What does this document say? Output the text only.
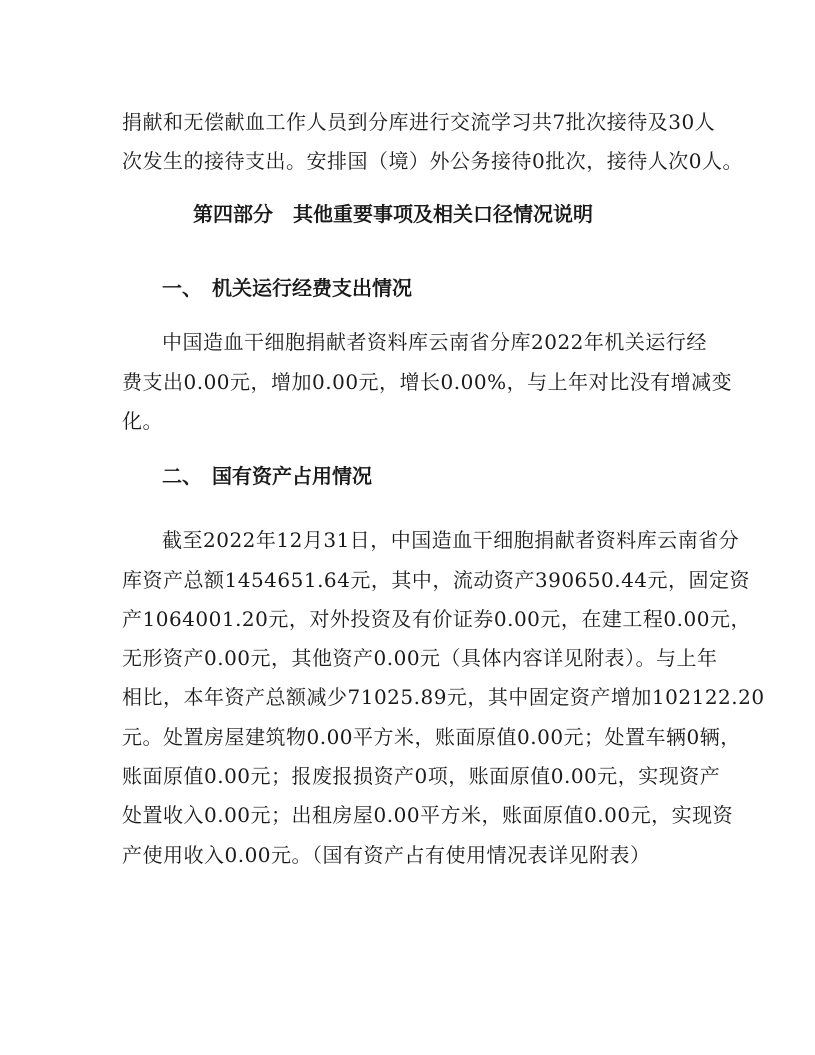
捐献和无偿献血工作人员到分库进行交流学习共7批次接待及30人
次发生的接待支出。安排国（境）外公务接待0批次，接待人次0人。
第四部分　其他重要事项及相关口径情况说明
一、　机关运行经费支出情况
中国造血干细胞捐献者资料库云南省分库2022年机关运行经
费支出0.00元，增加0.00元，增长0.00%，与上年对比没有增减变
化。
二、　国有资产占用情况
截至2022年12月31日，中国造血干细胞捐献者资料库云南省分
库资产总额1454651.64元，其中，流动资产390650.44元，固定资
产1064001.20元，对外投资及有价证券0.00元，在建工程0.00元，
无形资产0.00元，其他资产0.00元（具体内容详见附表）。与上年
相比，本年资产总额减少71025.89元，其中固定资产增加102122.20
元。处置房屋建筑物0.00平方米，账面原值0.00元；处置车辆0辆，
账面原值0.00元；报废报损资产0项，账面原值0.00元，实现资产
处置收入0.00元；出租房屋0.00平方米，账面原值0.00元，实现资
产使用收入0.00元。（国有资产占有使用情况表详见附表）
